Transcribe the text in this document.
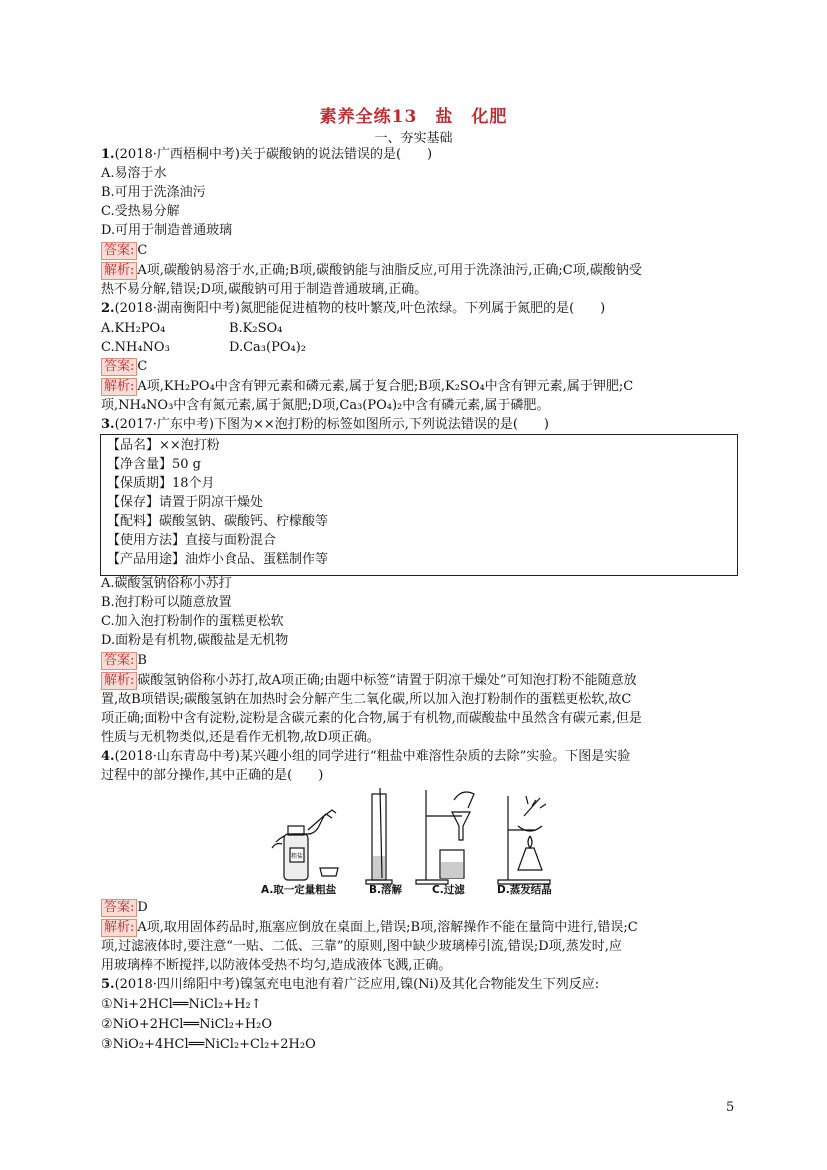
素养全练13　盐　化肥
一、夯实基础
1.(2018·广西梧桐中考)关于碳酸钠的说法错误的是(　　)
A.易溶于水
B.可用于洗涤油污
C.受热易分解
D.可用于制造普通玻璃
答案: C
解析: A项,碳酸钠易溶于水,正确;B项,碳酸钠能与油脂反应,可用于洗涤油污,正确;C项,碳酸钠受
热不易分解,错误;D项,碳酸钠可用于制造普通玻璃,正确。
2.(2018·湖南衡阳中考)氮肥能促进植物的枝叶繁茂,叶色浓绿。下列属于氮肥的是(　　)
A.KH₂PO₄	B.K₂SO₄
C.NH₄NO₃	D.Ca₃(PO₄)₂
答案: C
解析: A项,KH₂PO₄中含有钾元素和磷元素,属于复合肥;B项,K₂SO₄中含有钾元素,属于钾肥;C
项,NH₄NO₃中含有氮元素,属于氮肥;D项,Ca₃(PO₄)₂中含有磷元素,属于磷肥。
3.(2017·广东中考)下图为××泡打粉的标签如图所示,下列说法错误的是(　　)
【品名】××泡打粉
【净含量】50 g
【保质期】18个月
【保存】请置于阴凉干燥处
【配料】碳酸氢钠、碳酸钙、柠檬酸等
【使用方法】直接与面粉混合
【产品用途】油炸小食品、蛋糕制作等
A.碳酸氢钠俗称小苏打
B.泡打粉可以随意放置
C.加入泡打粉制作的蛋糕更松软
D.面粉是有机物,碳酸盐是无机物
答案: B
解析: 碳酸氢钠俗称小苏打,故A项正确;由题中标签“请置于阴凉干燥处”可知泡打粉不能随意放
置,故B项错误;碳酸氢钠在加热时会分解产生二氧化碳,所以加入泡打粉制作的蛋糕更松软,故C
项正确;面粉中含有淀粉,淀粉是含碳元素的化合物,属于有机物,而碳酸盐中虽然含有碳元素,但是
性质与无机物类似,还是看作无机物,故D项正确。
4.(2018·山东青岛中考)某兴趣小组的同学进行“粗盐中难溶性杂质的去除”实验。下图是实验
过程中的部分操作,其中正确的是(　　)
粗盐
A.取一定量粗盐	B.溶解	C.过滤	D.蒸发结晶
答案: D
解析: A项,取用固体药品时,瓶塞应倒放在桌面上,错误;B项,溶解操作不能在量筒中进行,错误;C
项,过滤液体时,要注意“一贴、二低、三靠”的原则,图中缺少玻璃棒引流,错误;D项,蒸发时,应
用玻璃棒不断搅拌,以防液体受热不均匀,造成液体飞溅,正确。
5.(2018·四川绵阳中考)镍氢充电电池有着广泛应用,镍(Ni)及其化合物能发生下列反应:
①Ni+2HCl══NiCl₂+H₂↑
②NiO+2HCl══NiCl₂+H₂O
③NiO₂+4HCl══NiCl₂+Cl₂+2H₂O
5
